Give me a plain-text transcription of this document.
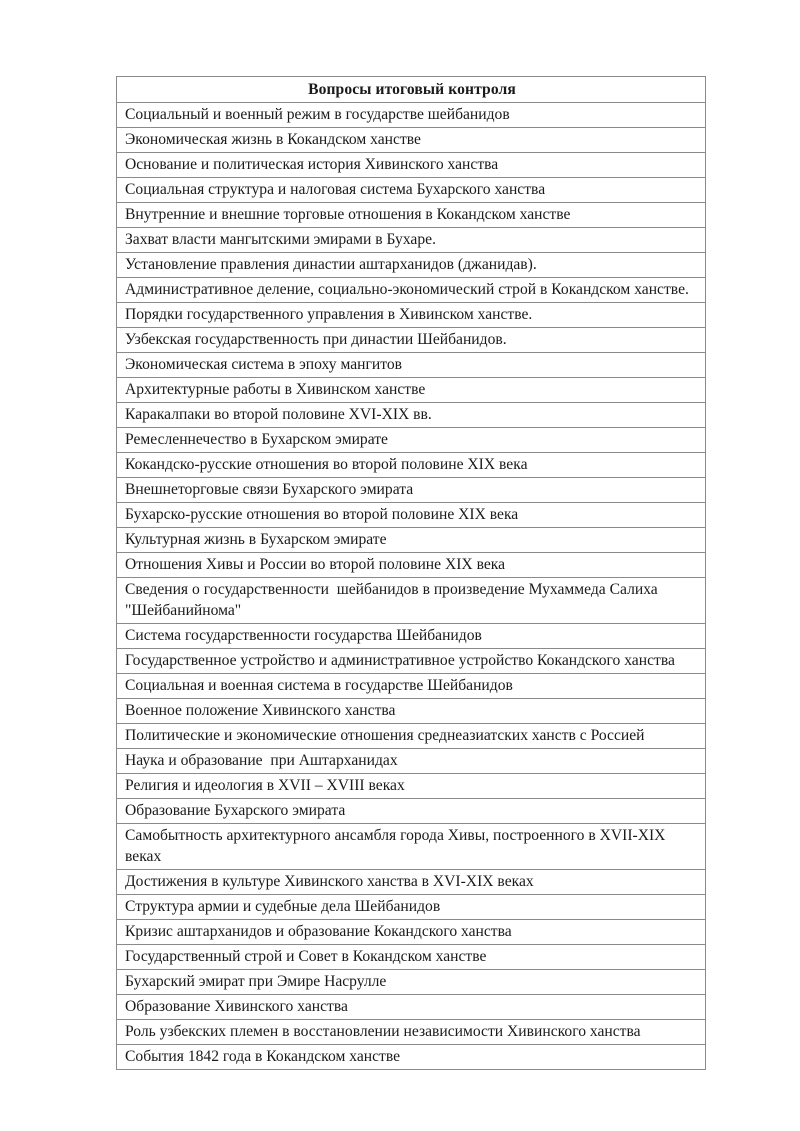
Вопросы итоговый контроля
Социальный и военный режим в государстве шейбанидов
Экономическая жизнь в Кокандском ханстве
Основание и политическая история Хивинского ханства
Социальная структура и налоговая система Бухарского ханства
Внутренние и внешние торговые отношения в Кокандском ханстве
Захват власти мангытскими эмирами в Бухаре.
Установление правления династии аштарханидов (джанидав).
Административное деление, социально-экономический строй в Кокандском ханстве.
Порядки государственного управления в Хивинском ханстве.
Узбекская государственность при династии Шейбанидов.
Экономическая система в эпоху мангитов
Архитектурные работы в Хивинском ханстве
Каракалпаки во второй половине XVI-XIX вв.
Ремесленнечество в Бухарском эмирате
Кокандско-русские отношения во второй половине XIX века
Внешнеторговые связи Бухарского эмирата
Бухарско-русские отношения во второй половине XIX века
Культурная жизнь в Бухарском эмирате
Отношения Хивы и России во второй половине XIX века
Сведения о государственности  шейбанидов в произведение Мухаммеда Салиха "Шейбанийнома"
Система государственности государства Шейбанидов
Государственное устройство и административное устройство Кокандского ханства
Социальная и военная система в государстве Шейбанидов
Военное положение Хивинского ханства
Политические и экономические отношения среднеазиатских ханств с Россией
Наука и образование  при Аштарханидах
Религия и идеология в XVII – XVIII веках
Образование Бухарского эмирата
Самобытность архитектурного ансамбля города Хивы, построенного в XVII-XIX веках
Достижения в культуре Хивинского ханства в XVI-XIX веках
Структура армии и судебные дела Шейбанидов
Кризис аштарханидов и образование Кокандского ханства
Государственный строй и Совет в Кокандском ханстве
Бухарский эмират при Эмире Насрулле
Образование Хивинского ханства
Роль узбекских племен в восстановлении независимости Хивинского ханства
События 1842 года в Кокандском ханстве
